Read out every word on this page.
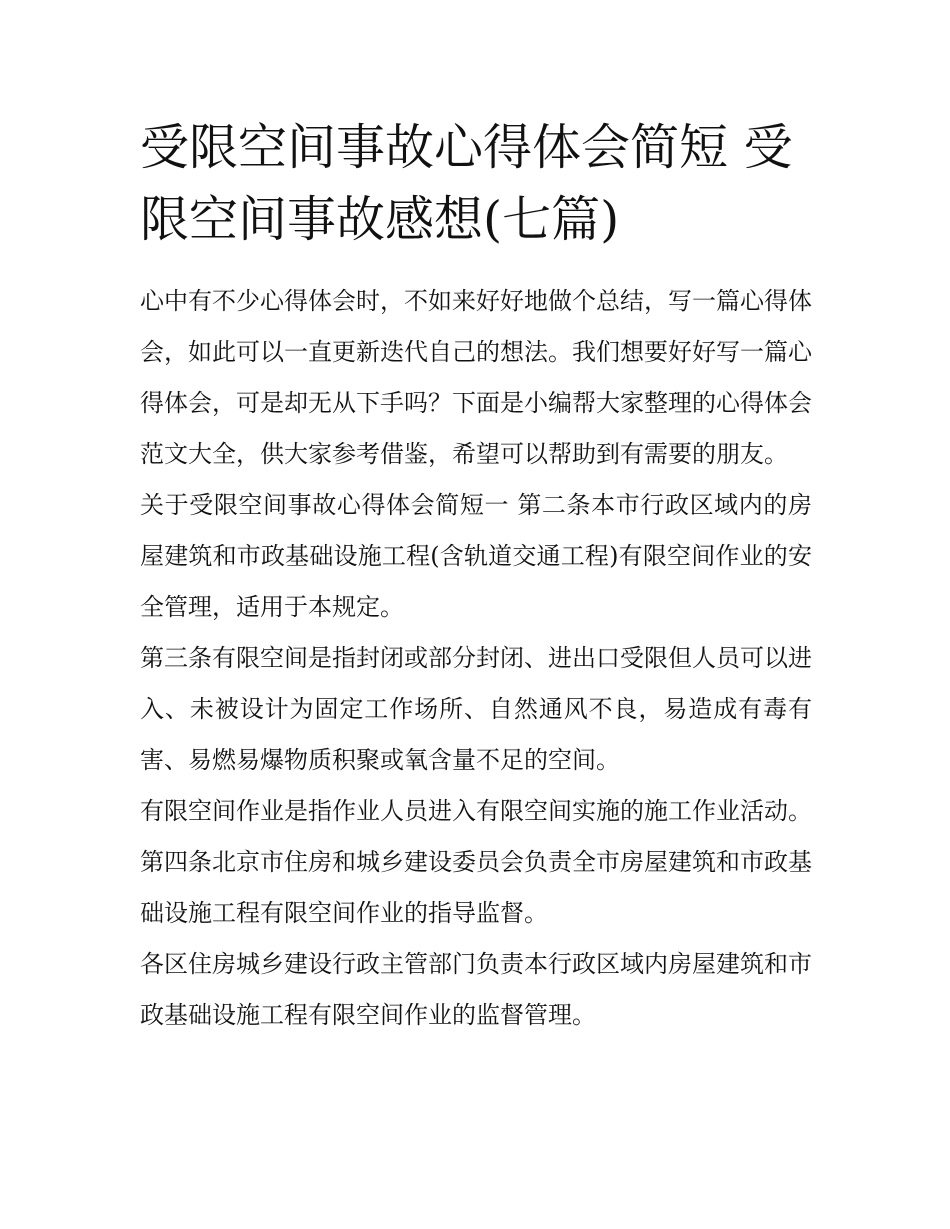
受限空间事故心得体会简短 受限空间事故感想(七篇)

心中有不少心得体会时，不如来好好地做个总结，写一篇心得体会，如此可以一直更新迭代自己的想法。我们想要好好写一篇心得体会，可是却无从下手吗？下面是小编帮大家整理的心得体会范文大全，供大家参考借鉴，希望可以帮助到有需要的朋友。

关于受限空间事故心得体会简短一 第二条本市行政区域内的房屋建筑和市政基础设施工程(含轨道交通工程)有限空间作业的安全管理，适用于本规定。

第三条有限空间是指封闭或部分封闭、进出口受限但人员可以进入、未被设计为固定工作场所、自然通风不良，易造成有毒有害、易燃易爆物质积聚或氧含量不足的空间。

有限空间作业是指作业人员进入有限空间实施的施工作业活动。 第四条北京市住房和城乡建设委员会负责全市房屋建筑和市政基础设施工程有限空间作业的指导监督。

各区住房城乡建设行政主管部门负责本行政区域内房屋建筑和市政基础设施工程有限空间作业的监督管理。
